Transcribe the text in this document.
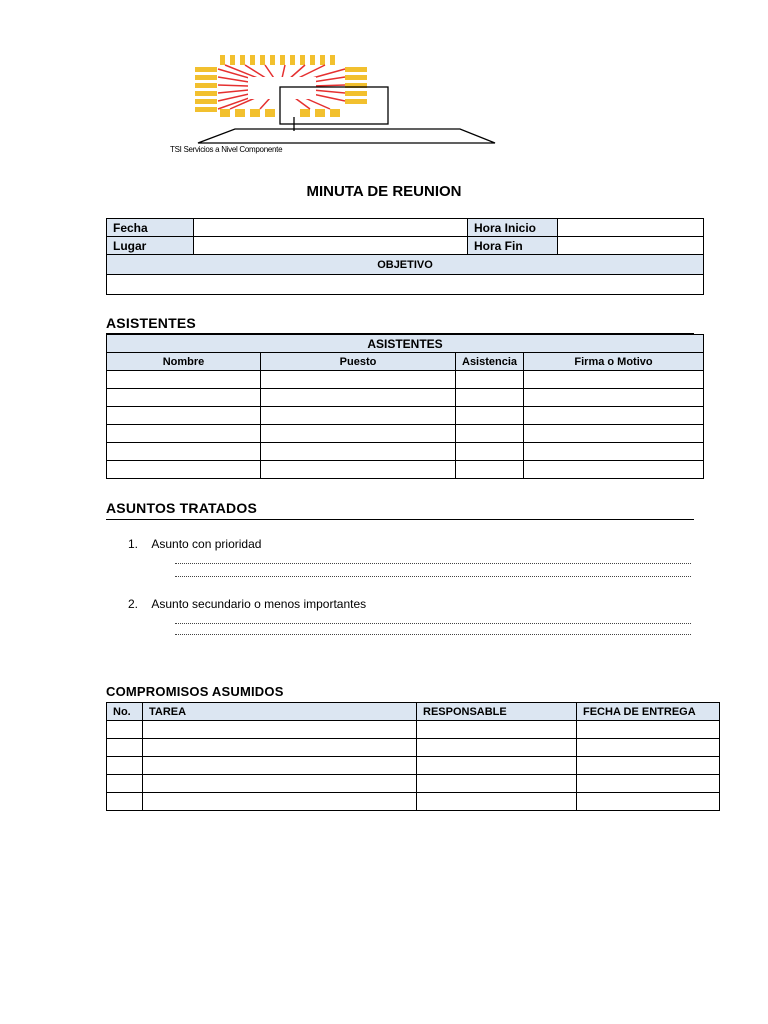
TSI Servicios a Nivel Componente
MINUTA DE REUNION
Fecha		Hora Inicio	
Lugar		Hora Fin	
OBJETIVO			

ASISTENTES
ASISTENTES			
Nombre	Puesto	Asistencia	Firma o Motivo

ASUNTOS TRATADOS
1. Asunto con prioridad
2. Asunto secundario o menos importantes
COMPROMISOS ASUMIDOS
No.	TAREA	RESPONSABLE	FECHA DE ENTREGA
